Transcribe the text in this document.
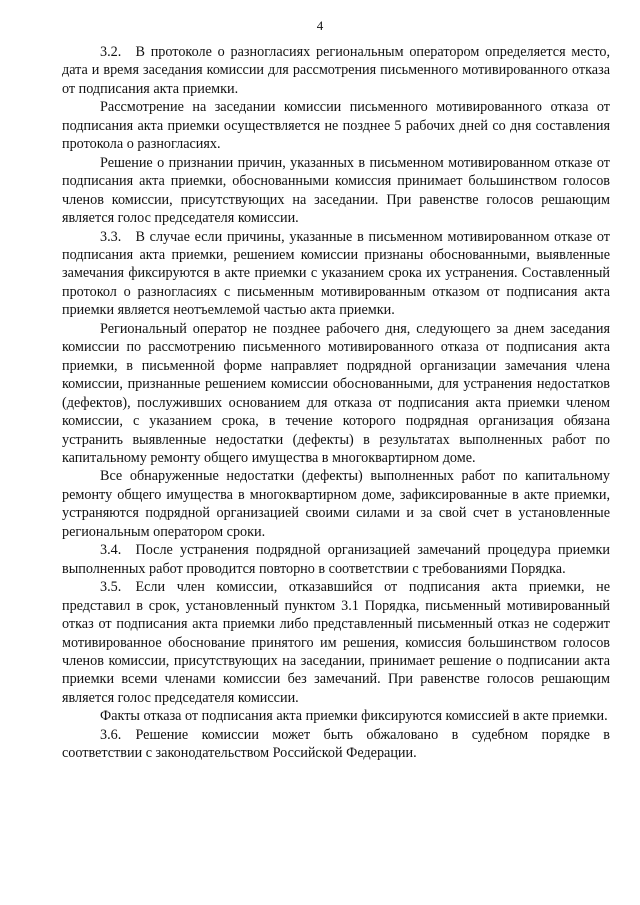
4

3.2. В протоколе о разногласиях региональным оператором определяется место, дата и время заседания комиссии для рассмотрения письменного мотивированного отказа от подписания акта приемки.

Рассмотрение на заседании комиссии письменного мотивированного отказа от подписания акта приемки осуществляется не позднее 5 рабочих дней со дня составления протокола о разногласиях.

Решение о признании причин, указанных в письменном мотивированном отказе от подписания акта приемки, обоснованными комиссия принимает большинством голосов членов комиссии, присутствующих на заседании. При равенстве голосов решающим является голос председателя комиссии.

3.3. В случае если причины, указанные в письменном мотивированном отказе от подписания акта приемки, решением комиссии признаны обоснованными, выявленные замечания фиксируются в акте приемки с указанием срока их устранения. Составленный протокол о разногласиях с письменным мотивированным отказом от подписания акта приемки является неотъемлемой частью акта приемки.

Региональный оператор не позднее рабочего дня, следующего за днем заседания комиссии по рассмотрению письменного мотивированного отказа от подписания акта приемки, в письменной форме направляет подрядной организации замечания члена комиссии, признанные решением комиссии обоснованными, для устранения недостатков (дефектов), послуживших основанием для отказа от подписания акта приемки членом комиссии, с указанием срока, в течение которого подрядная организация обязана устранить выявленные недостатки (дефекты) в результатах выполненных работ по капитальному ремонту общего имущества в многоквартирном доме.

Все обнаруженные недостатки (дефекты) выполненных работ по капитальному ремонту общего имущества в многоквартирном доме, зафиксированные в акте приемки, устраняются подрядной организацией своими силами и за свой счет в установленные региональным оператором сроки.

3.4. После устранения подрядной организацией замечаний процедура приемки выполненных работ проводится повторно в соответствии с требованиями Порядка.

3.5. Если член комиссии, отказавшийся от подписания акта приемки, не представил в срок, установленный пунктом 3.1 Порядка, письменный мотивированный отказ от подписания акта приемки либо представленный письменный отказ не содержит мотивированное обоснование принятого им решения, комиссия большинством голосов членов комиссии, присутствующих на заседании, принимает решение о подписании акта приемки всеми членами комиссии без замечаний. При равенстве голосов решающим является голос председателя комиссии.

Факты отказа от подписания акта приемки фиксируются комиссией в акте приемки.

3.6. Решение комиссии может быть обжаловано в судебном порядке в соответствии с законодательством Российской Федерации.
